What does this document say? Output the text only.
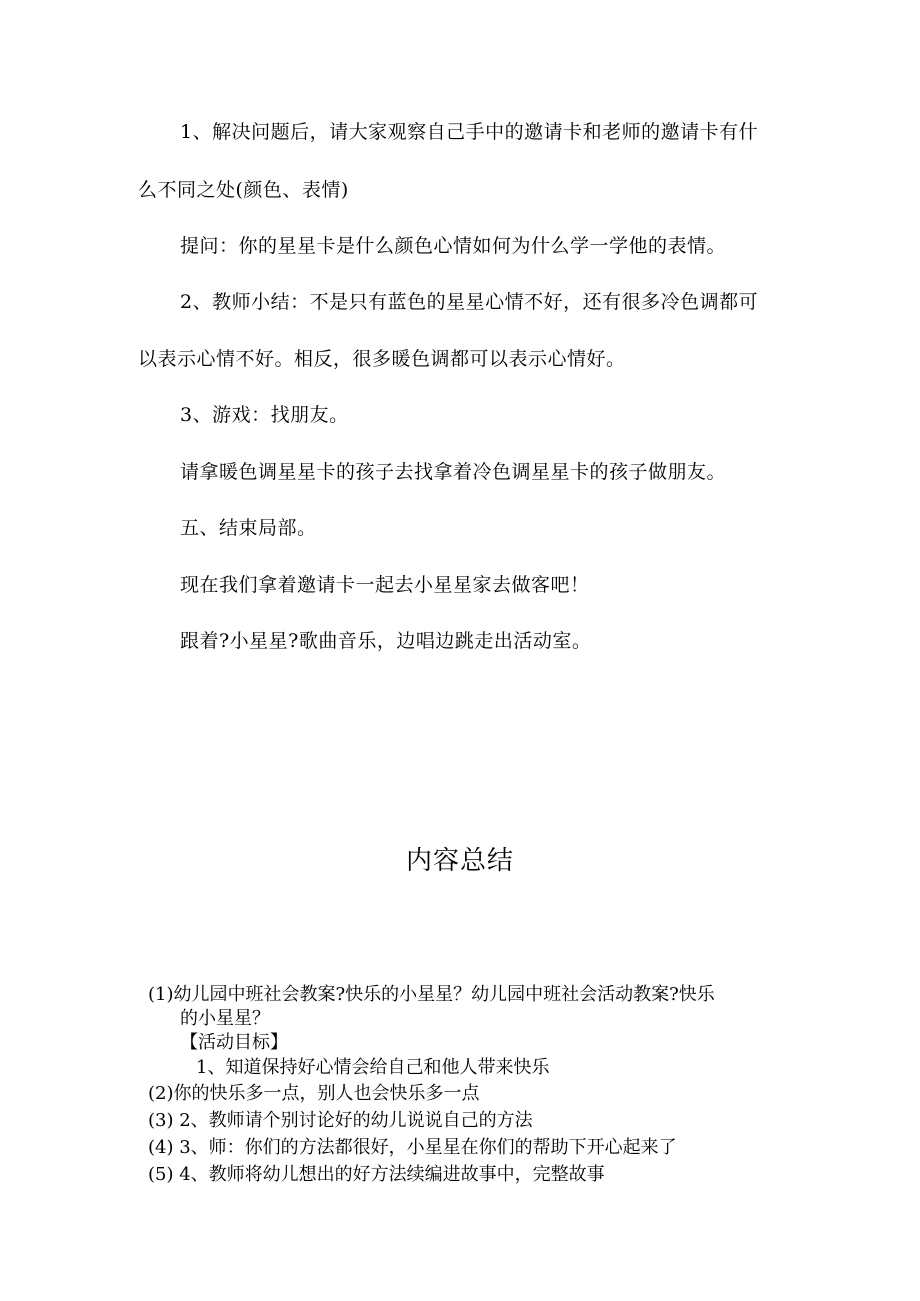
1、解决问题后，请大家观察自己手中的邀请卡和老师的邀请卡有什
么不同之处(颜色、表情)
提问：你的星星卡是什么颜色心情如何为什么学一学他的表情。
2、教师小结：不是只有蓝色的星星心情不好，还有很多冷色调都可
以表示心情不好。相反，很多暖色调都可以表示心情好。
3、游戏：找朋友。
请拿暖色调星星卡的孩子去找拿着冷色调星星卡的孩子做朋友。
五、结束局部。
现在我们拿着邀请卡一起去小星星家去做客吧！
跟着?小星星?歌曲音乐，边唱边跳走出活动室。
内容总结
(1)幼儿园中班社会教案?快乐的小星星？幼儿园中班社会活动教案?快乐
的小星星？
【活动目标】
1、知道保持好心情会给自己和他人带来快乐
(2)你的快乐多一点，别人也会快乐多一点
(3) 2、教师请个别讨论好的幼儿说说自己的方法
(4) 3、师：你们的方法都很好，小星星在你们的帮助下开心起来了
(5) 4、教师将幼儿想出的好方法续编进故事中，完整故事
